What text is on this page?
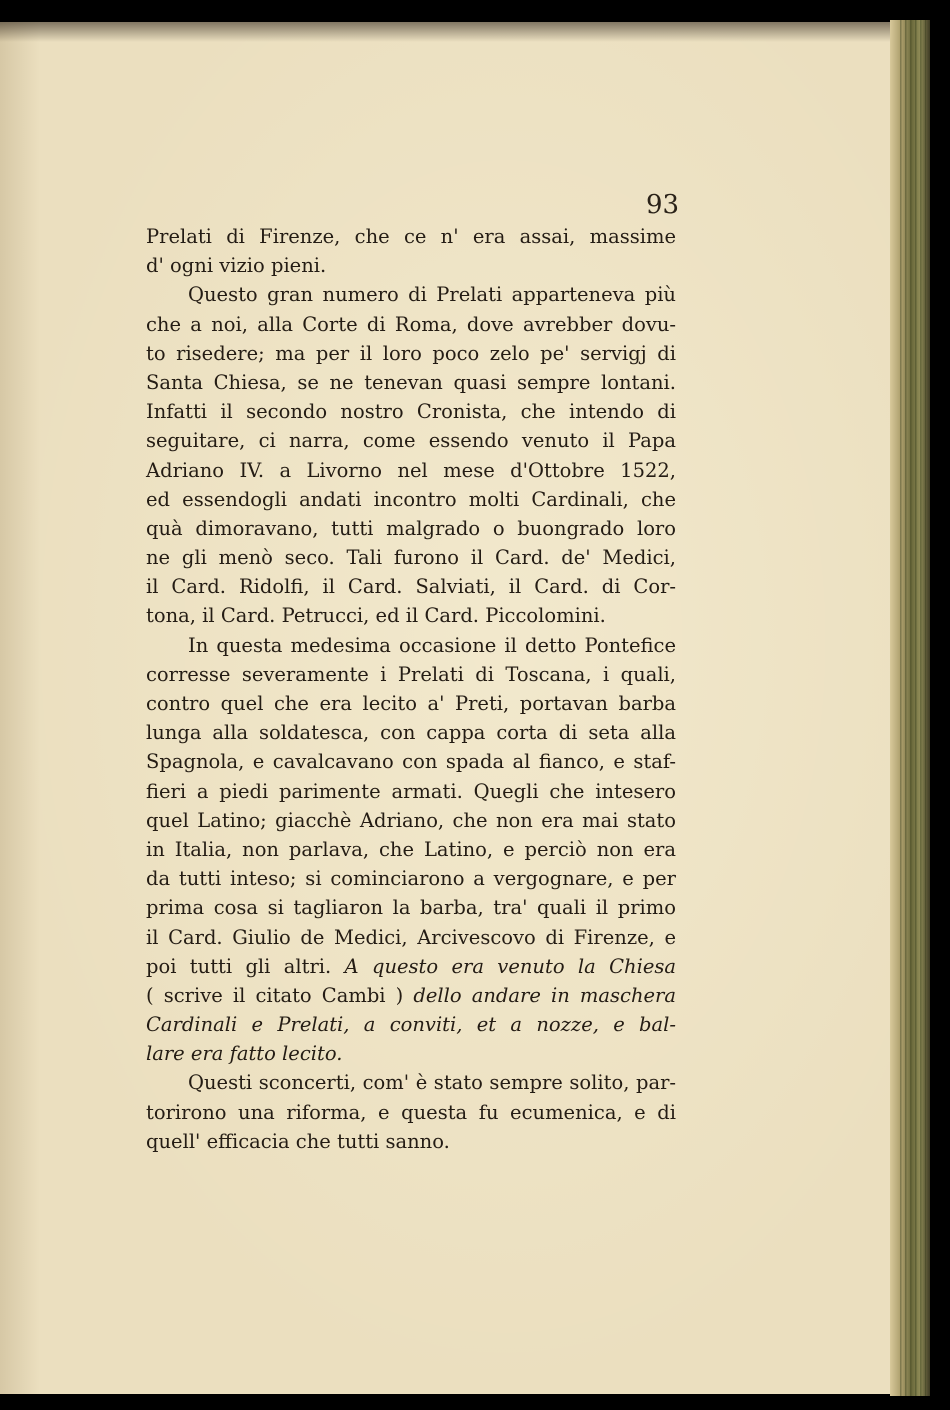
93
Prelati di Firenze, che ce n' era assai, massime
d' ogni vizio pieni.
Questo gran numero di Prelati apparteneva più
che a noi, alla Corte di Roma, dove avrebber dovu-
to risedere; ma per il loro poco zelo pe' servigj di
Santa Chiesa, se ne tenevan quasi sempre lontani.
Infatti il secondo nostro Cronista, che intendo di
seguitare, ci narra, come essendo venuto il Papa
Adriano IV. a Livorno nel mese d'Ottobre 1522,
ed essendogli andati incontro molti Cardinali, che
quà dimoravano, tutti malgrado o buongrado loro
ne gli menò seco. Tali furono il Card. de' Medici,
il Card. Ridolfi, il Card. Salviati, il Card. di Cor-
tona, il Card. Petrucci, ed il Card. Piccolomini.
In questa medesima occasione il detto Pontefice
corresse severamente i Prelati di Toscana, i quali,
contro quel che era lecito a' Preti, portavan barba
lunga alla soldatesca, con cappa corta di seta alla
Spagnola, e cavalcavano con spada al fianco, e staf-
fieri a piedi parimente armati. Quegli che intesero
quel Latino; giacchè Adriano, che non era mai stato
in Italia, non parlava, che Latino, e perciò non era
da tutti inteso; si cominciarono a vergognare, e per
prima cosa si tagliaron la barba, tra' quali il primo
il Card. Giulio de Medici, Arcivescovo di Firenze, e
poi tutti gli altri. A questo era venuto la Chiesa
( scrive il citato Cambi ) dello andare in maschera
Cardinali e Prelati, a conviti, et a nozze, e bal-
lare era fatto lecito.
Questi sconcerti, com' è stato sempre solito, par-
torirono una riforma, e questa fu ecumenica, e di
quell' efficacia che tutti sanno.
